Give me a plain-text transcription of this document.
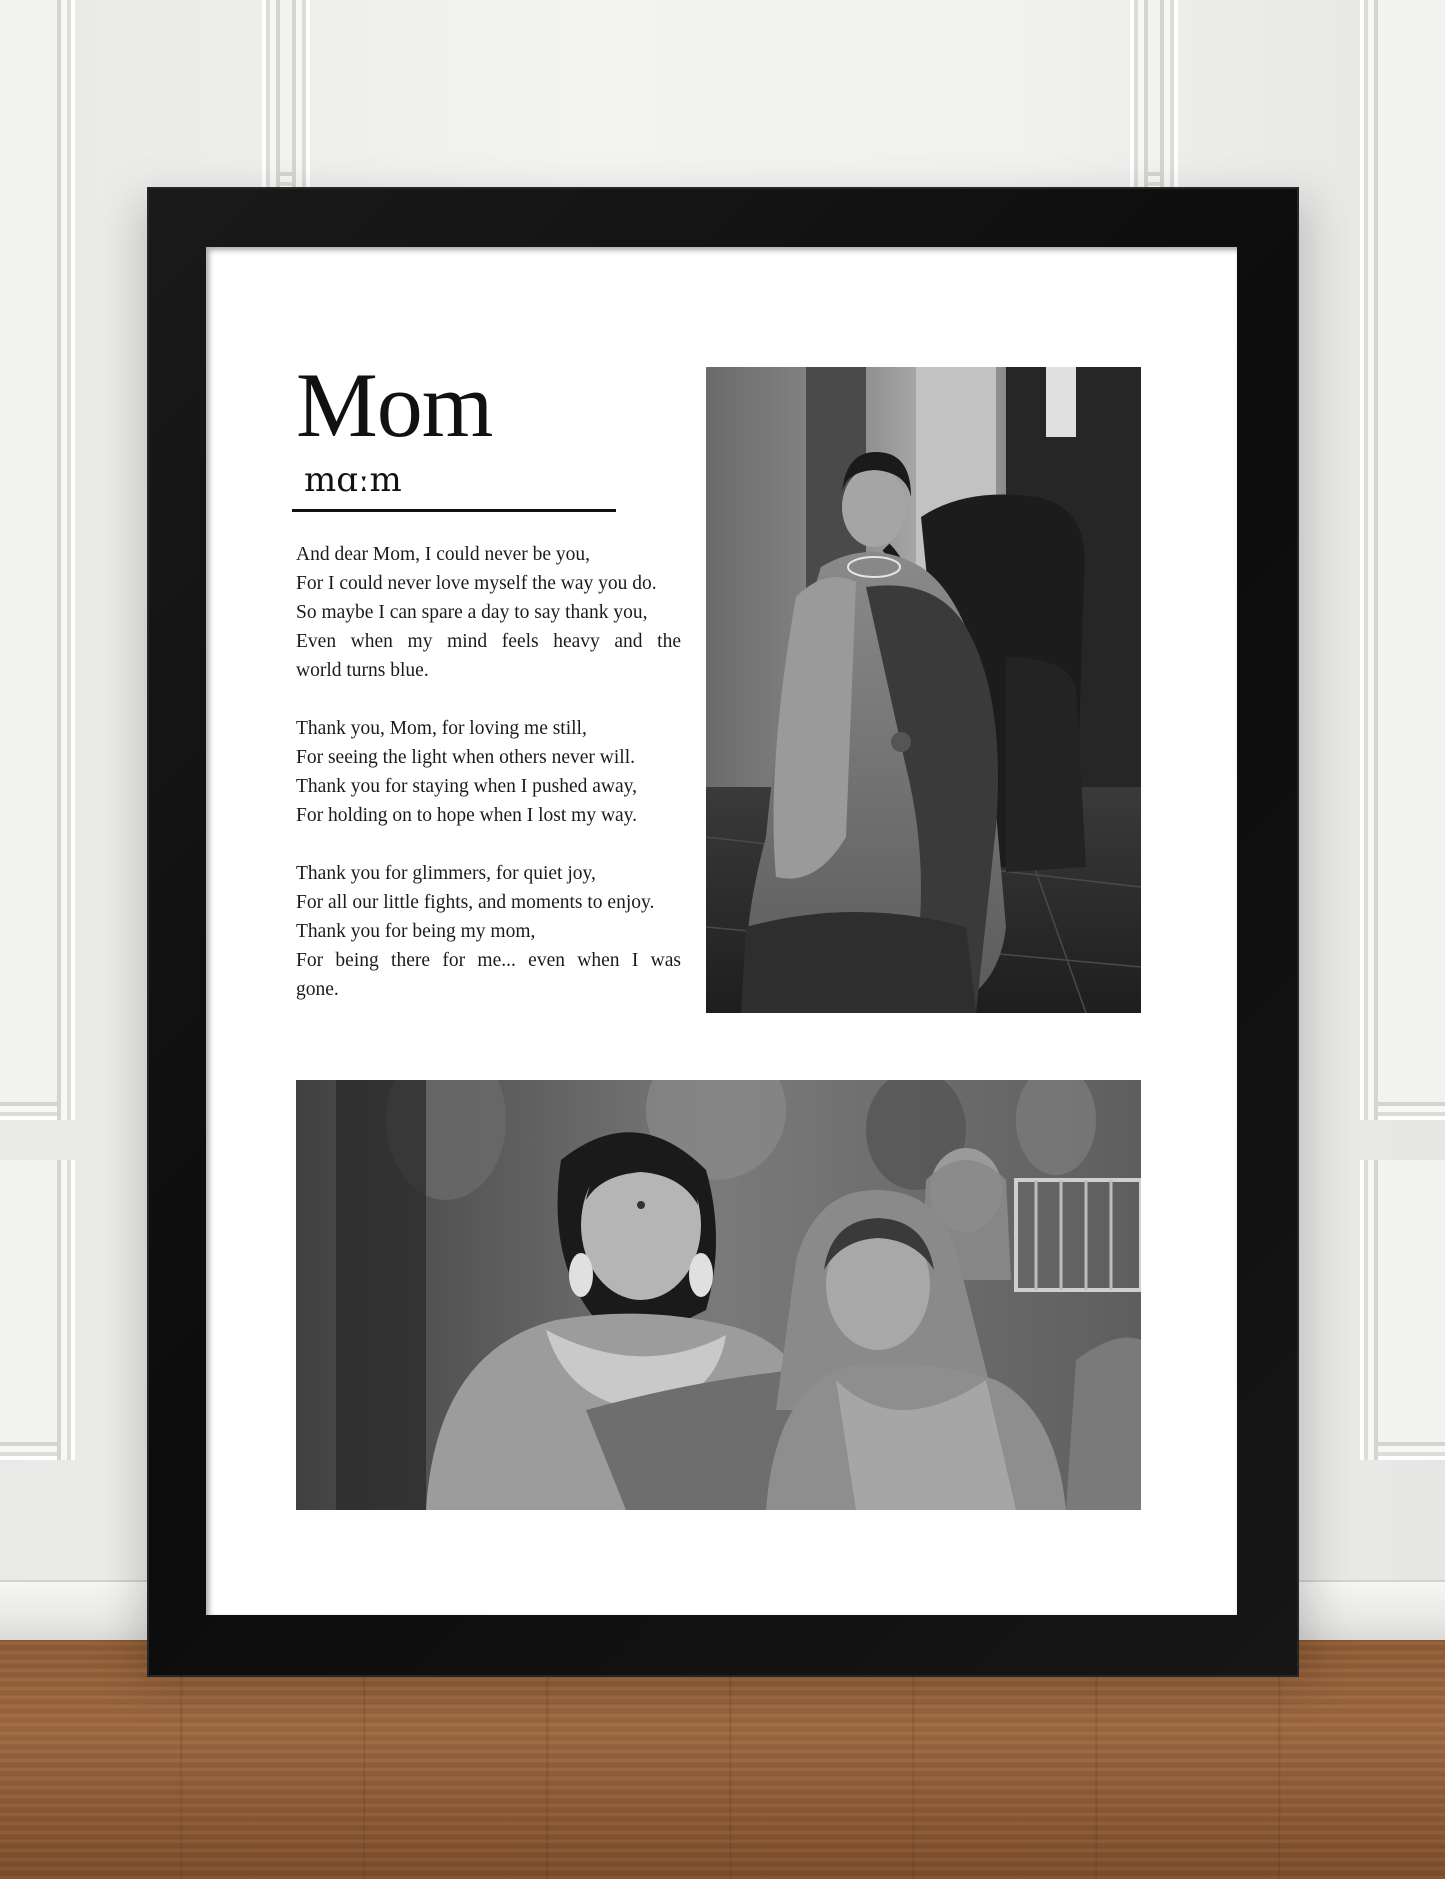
Mom

mɑːm

And dear Mom, I could never be you,
For I could never love myself the way you do.
So maybe I can spare a day to say thank you,
Even when my mind feels heavy and the
world turns blue.

Thank you, Mom, for loving me still,
For seeing the light when others never will.
Thank you for staying when I pushed away,
For holding on to hope when I lost my way.

Thank you for glimmers, for quiet joy,
For all our little fights, and moments to enjoy.
Thank you for being my mom,
For being there for me... even when I was
gone.
